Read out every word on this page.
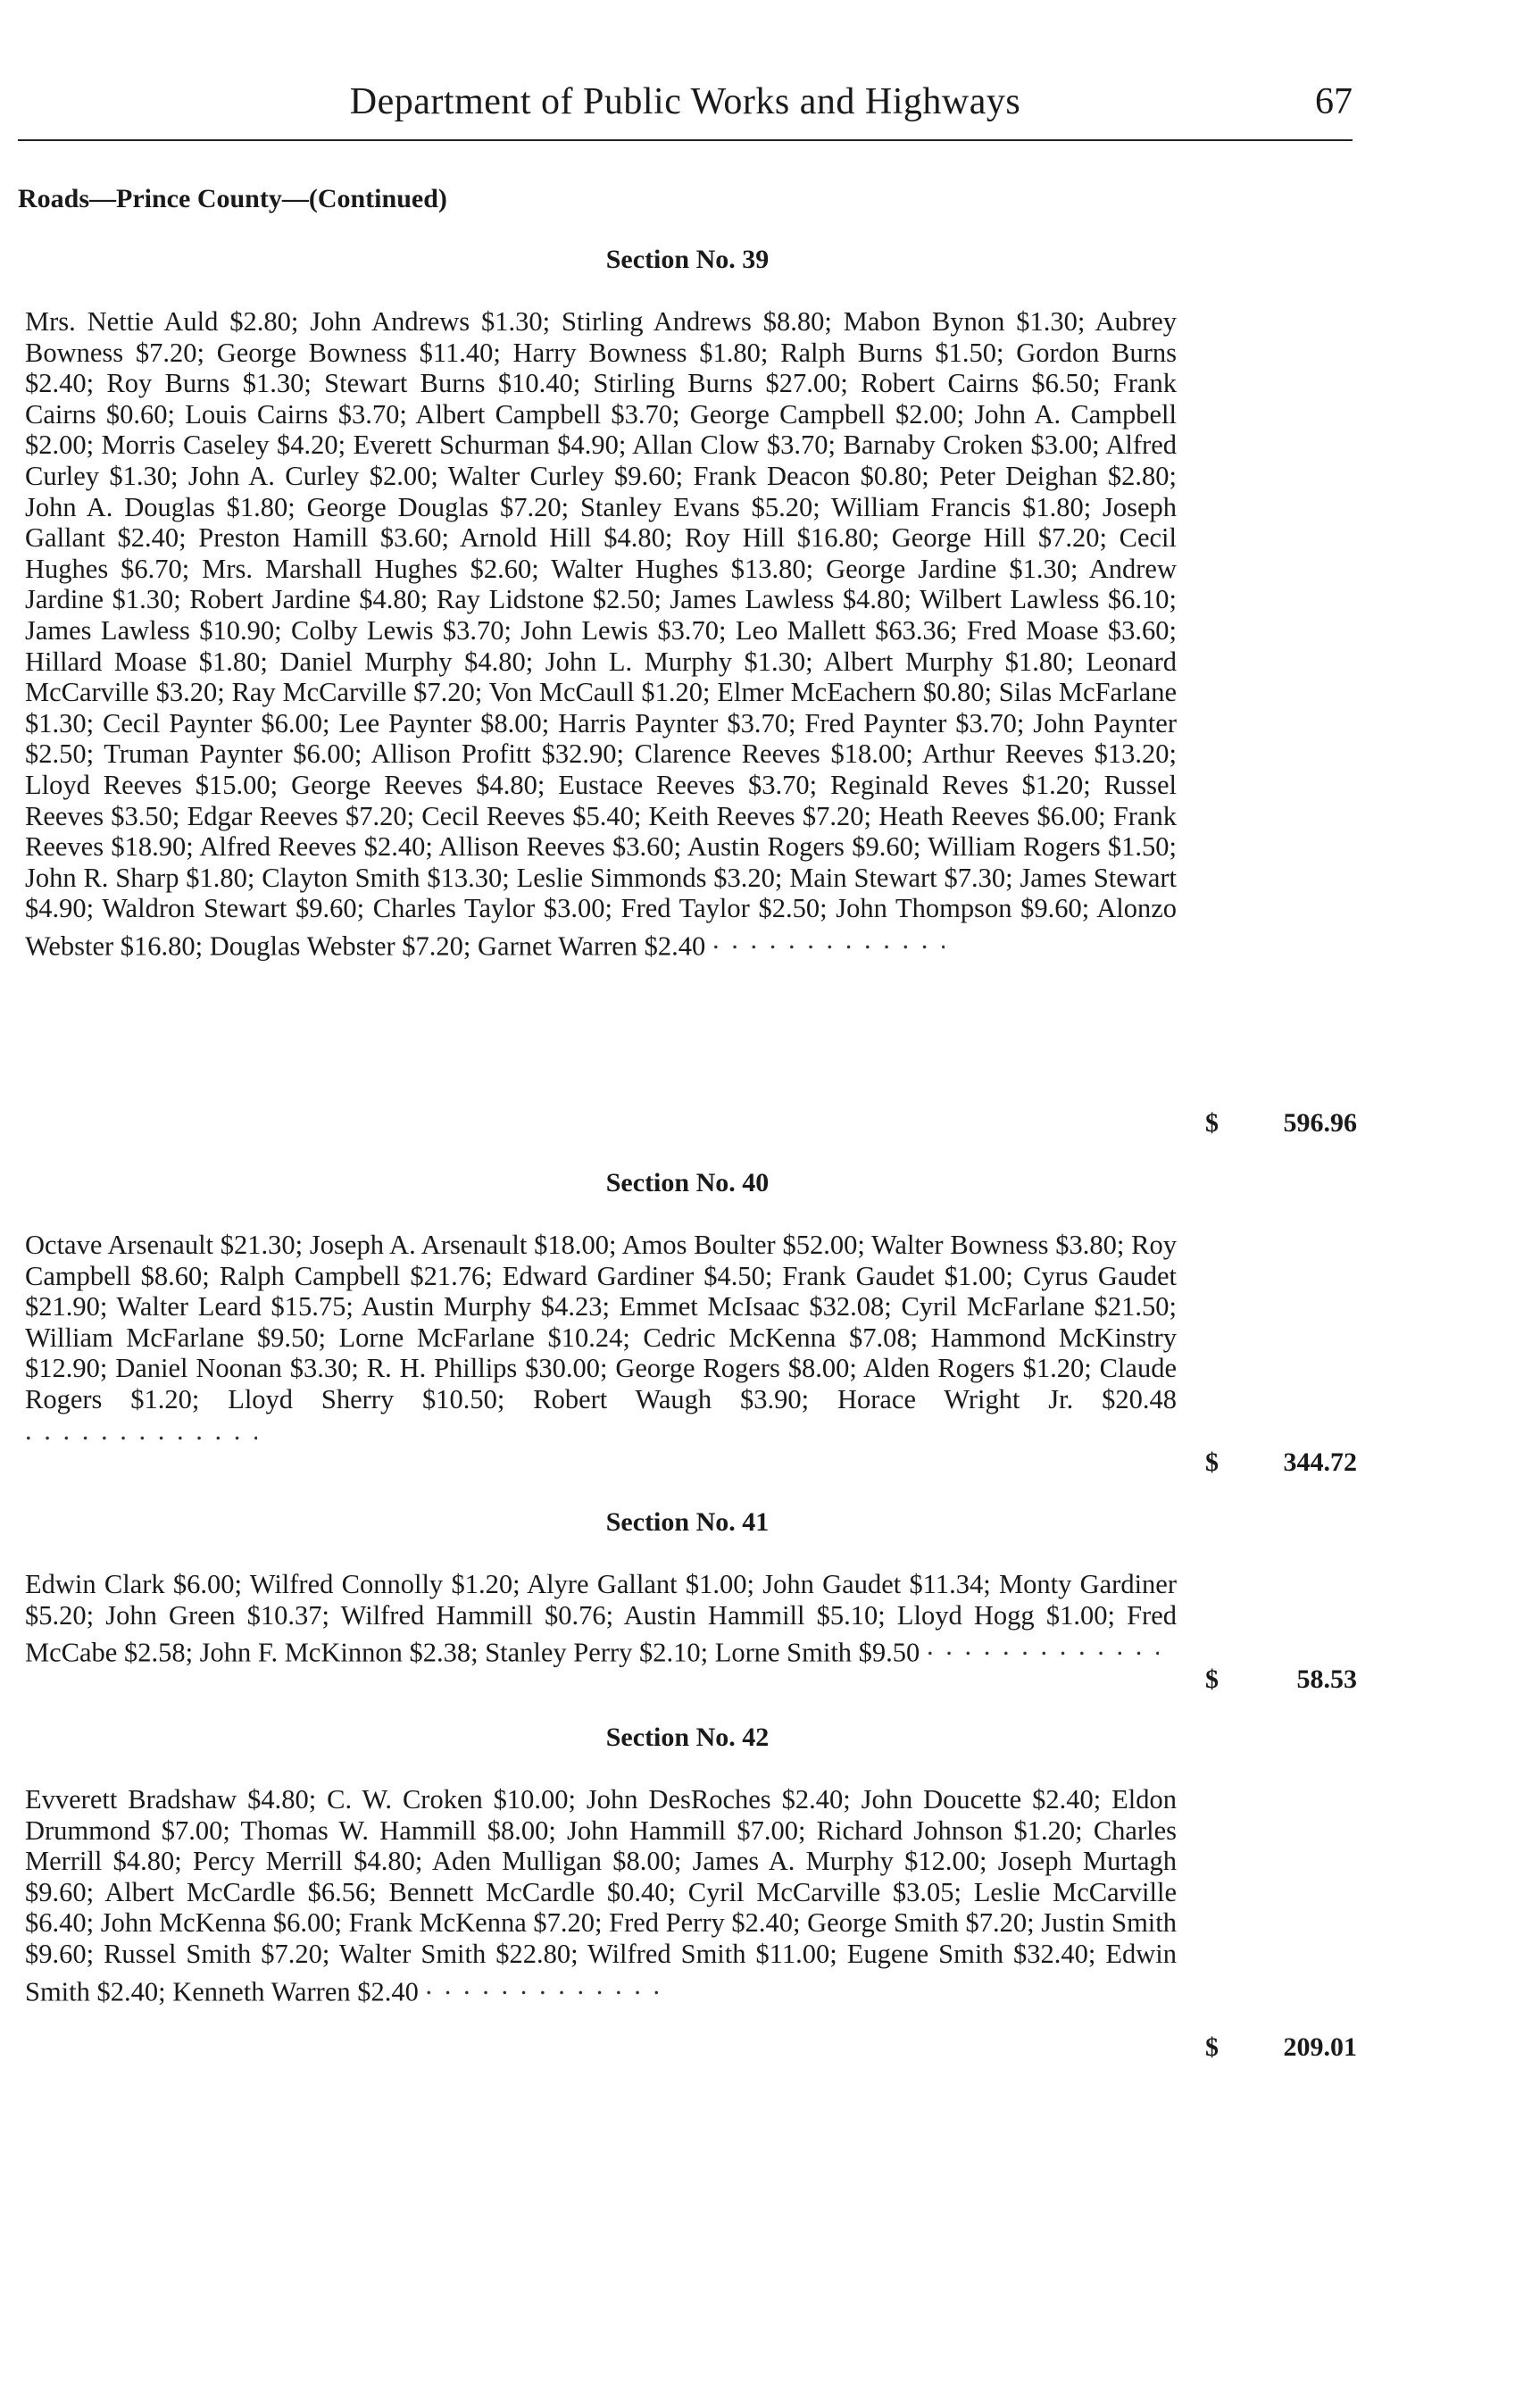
Department of Public Works and Highways	67
Roads—Prince County—(Continued)
Section No. 39

Mrs. Nettie Auld $2.80; John Andrews $1.30; Stirling Andrews $8.80; Mabon Bynon $1.30; Aubrey Bowness $7.20; George Bowness $11.40; Harry Bowness $1.80; Ralph Burns $1.50; Gordon Burns $2.40; Roy Burns $1.30; Stewart Burns $10.40; Stirling Burns $27.00; Robert Cairns $6.50; Frank Cairns $0.60; Louis Cairns $3.70; Albert Campbell $3.70; George Campbell $2.00; John A. Campbell $2.00; Morris Caseley $4.20; Everett Schurman $4.90; Allan Clow $3.70; Barnaby Croken $3.00; Alfred Curley $1.30; John A. Curley $2.00; Walter Curley $9.60; Frank Deacon $0.80; Peter Deighan $2.80; John A. Douglas $1.80; George Douglas $7.20; Stanley Evans $5.20; William Francis $1.80; Joseph Gallant $2.40; Preston Hamill $3.60; Arnold Hill $4.80; Roy Hill $16.80; George Hill $7.20; Cecil Hughes $6.70; Mrs. Marshall Hughes $2.60; Walter Hughes $13.80; George Jardine $1.30; Andrew Jardine $1.30; Robert Jardine $4.80; Ray Lidstone $2.50; James Lawless $4.80; Wilbert Lawless $6.10; James Lawless $10.90; Colby Lewis $3.70; John Lewis $3.70; Leo Mallett $63.36; Fred Moase $3.60; Hillard Moase $1.80; Daniel Murphy $4.80; John L. Murphy $1.30; Albert Murphy $1.80; Leonard McCarville $3.20; Ray McCarville $7.20; Von McCaull $1.20; Elmer McEachern $0.80; Silas McFarlane $1.30; Cecil Paynter $6.00; Lee Paynter $8.00; Harris Paynter $3.70; Fred Paynter $3.70; John Paynter $2.50; Truman Paynter $6.00; Allison Profitt $32.90; Clarence Reeves $18.00; Arthur Reeves $13.20; Lloyd Reeves $15.00; George Reeves $4.80; Eustace Reeves $3.70; Reginald Reves $1.20; Russel Reeves $3.50; Edgar Reeves $7.20; Cecil Reeves $5.40; Keith Reeves $7.20; Heath Reeves $6.00; Frank Reeves $18.90; Alfred Reeves $2.40; Allison Reeves $3.60; Austin Rogers $9.60; William Rogers $1.50; John R. Sharp $1.80; Clayton Smith $13.30; Leslie Simmonds $3.20; Main Stewart $7.30; James Stewart $4.90; Waldron Stewart $9.60; Charles Taylor $3.00; Fred Taylor $2.50; John Thompson $9.60; Alonzo Webster $16.80; Douglas Webster $7.20; Garnet Warren $2.40 . . .

$	596.96
Section No. 40

Octave Arsenault $21.30; Joseph A. Arsenault $18.00; Amos Boulter $52.00; Walter Bowness $3.80; Roy Campbell $8.60; Ralph Campbell $21.76; Edward Gardiner $4.50; Frank Gaudet $1.00; Cyrus Gaudet $21.90; Walter Leard $15.75; Austin Murphy $4.23; Emmet McIsaac $32.08; Cyril McFarlane $21.50; William McFarlane $9.50; Lorne McFarlane $10.24; Cedric McKenna $7.08; Hammond McKinstry $12.90; Daniel Noonan $3.30; R. H. Phillips $30.00; George Rogers $8.00; Alden Rogers $1.20; Claude Rogers $1.20; Lloyd Sherry $10.50; Robert Waugh $3.90; Horace Wright Jr. $20.48 . . .

$	344.72
Section No. 41

Edwin Clark $6.00; Wilfred Connolly $1.20; Alyre Gallant $1.00; John Gaudet $11.34; Monty Gardiner $5.20; John Green $10.37; Wilfred Hammill $0.76; Austin Hammill $5.10; Lloyd Hogg $1.00; Fred McCabe $2.58; John F. McKinnon $2.38; Stanley Perry $2.10; Lorne Smith $9.50 . . .

$	58.53
Section No. 42

Evverett Bradshaw $4.80; C. W. Croken $10.00; John DesRoches $2.40; John Doucette $2.40; Eldon Drummond $7.00; Thomas W. Hammill $8.00; John Hammill $7.00; Richard Johnson $1.20; Charles Merrill $4.80; Percy Merrill $4.80; Aden Mulligan $8.00; James A. Murphy $12.00; Joseph Murtagh $9.60; Albert McCardle $6.56; Bennett McCardle $0.40; Cyril McCarville $3.05; Leslie McCarville $6.40; John McKenna $6.00; Frank McKenna $7.20; Fred Perry $2.40; George Smith $7.20; Justin Smith $9.60; Russel Smith $7.20; Walter Smith $22.80; Wilfred Smith $11.00; Eugene Smith $32.40; Edwin Smith $2.40; Kenneth Warren $2.40 . . .

$	209.01
